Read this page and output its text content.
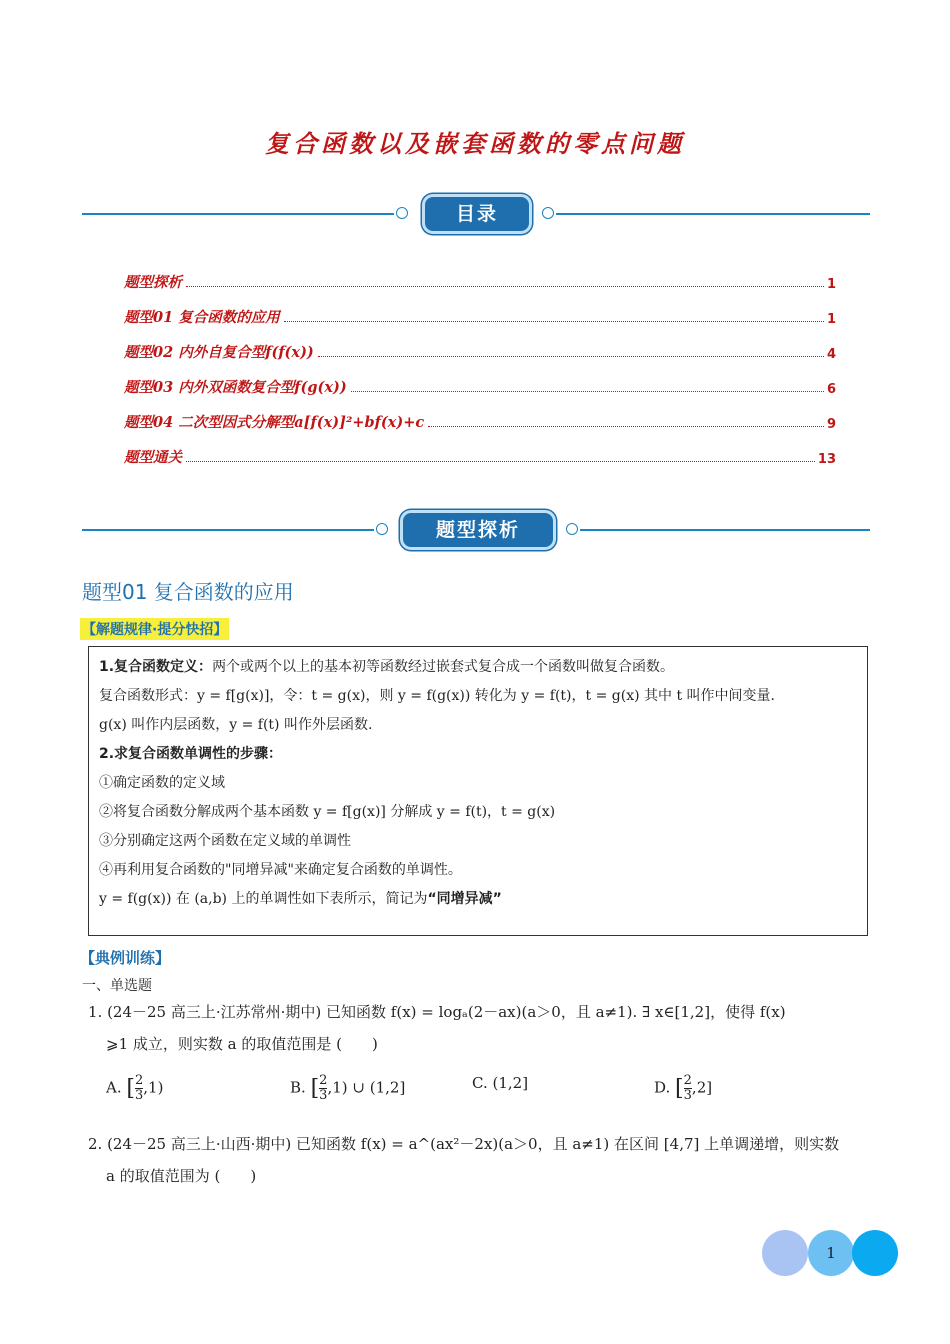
复合函数以及嵌套函数的零点问题
目录
题型探析	1
题型01 复合函数的应用	1
题型02 内外自复合型f(f(x))	4
题型03 内外双函数复合型f(g(x))	6
题型04 二次型因式分解型a[f(x)]²+bf(x)+c	9
题型通关	13
题型探析
题型01 复合函数的应用
【解题规律·提分快招】

1.复合函数定义：两个或两个以上的基本初等函数经过嵌套式复合成一个函数叫做复合函数。

复合函数形式：y = f[g(x)]，令：t = g(x)，则 y = f(g(x)) 转化为 y = f(t)，t = g(x) 其中 t 叫作中间变量.

g(x) 叫作内层函数，y = f(t) 叫作外层函数.

2.求复合函数单调性的步骤：

①确定函数的定义域

②将复合函数分解成两个基本函数 y = f[g(x)] 分解成 y = f(t)，t = g(x)

③分别确定这两个函数在定义域的单调性

④再利用复合函数的"同增异减"来确定复合函数的单调性。

y = f(g(x)) 在 (a,b) 上的单调性如下表所示，简记为“同增异减”

【典例训练】
一、单选题
1. (24－25 高三上·江苏常州·期中) 已知函数 f(x) = logₐ(2－ax)(a＞0，且 a≠1). ∃ x∈[1,2]，使得 f(x)
⩾1 成立，则实数 a 的取值范围是 (　　)
A. [ $\frac{2}{3} ,1$)	B. [ $\frac{2}{3} ,1$) ∪ (1,2]	C. (1,2]	D. [ $\frac{2}{3} ,2$]
2. (24－25 高三上·山西·期中) 已知函数 f(x) = a^(ax²－2x)(a＞0，且 a≠1) 在区间 [4,7] 上单调递增，则实数
a 的取值范围为 (　　)
1
